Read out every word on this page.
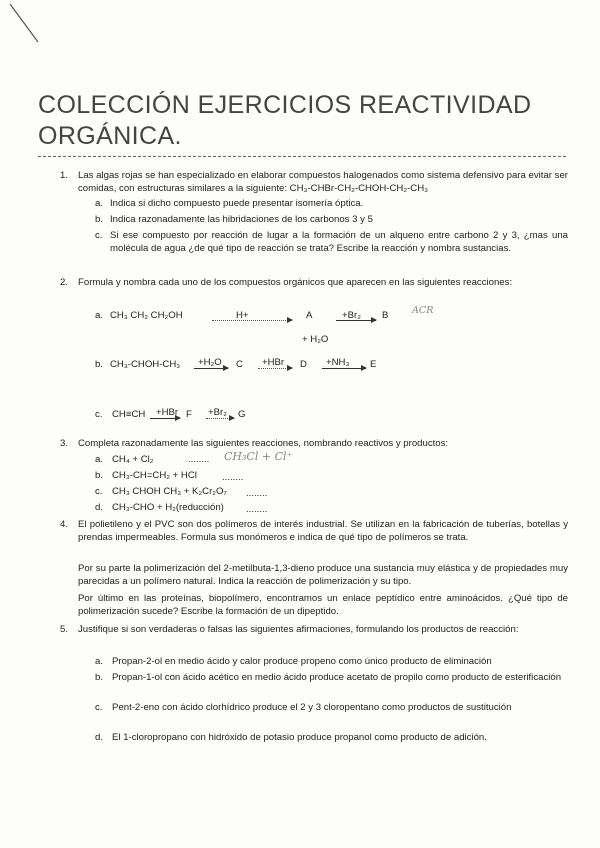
COLECCIÓN EJERCICIOS REACTIVIDAD
ORGÁNICA.
1.	Las algas rojas se han especializado en elaborar compuestos halogenados como sistema defensivo para evitar ser comidas, con estructuras similares a la siguiente: CH₃-CHBr-CH₂-CHOH-CH₂-CH₃
a. Indica si dicho compuesto puede presentar isomería óptica.
b. Indica razonadamente las hibridaciones de los carbonos 3 y 5
c. Si ese compuesto por reacción de lugar a la formación de un alqueno entre carbono 2 y 3, ¿mas una molécula de agua ¿de qué tipo de reacción se trata? Escribe la reacción y nombra sustancias.
2.	Formula y nombra cada uno de los compuestos orgánicos que aparecen en las siguientes reacciones:
a. CH₃ CH₂ CH₂OH	H+	A	+Br₂ B ACR
+ H₂O
b. CH₃-CHOH-CH₃ +H₂O C +HBr D +NH₃ E
c. CH≡CH +HBr F +Br₂ G
3.	Completa razonadamente las siguientes reacciones, nombrando reactivos y productos:
a. CH₄ + Cl₂	........ CH₃Cl + Cl⁺
b. CH₃-CH=CH₂ + HCl	........
c. CH₃ CHOH CH₃ + K₂Cr₂O₇ ........
d. CH₃-CHO + H₂(reducción) ........
4.	El polietileno y el PVC son dos polímeros de interés industrial. Se utilizan en la fabricación de tuberías, botellas y prendas impermeables. Formula sus monómeros e indica de qué tipo de polímeros se trata.
Por su parte la polimerización del 2-metilbuta-1,3-dieno produce una sustancia muy elástica y de propiedades muy parecidas a un polímero natural. Indica la reacción de polimerización y su tipo.
Por último en las proteínas, biopolímero, encontramos un enlace peptídico entre aminoácidos. ¿Qué tipo de polimerización sucede? Escribe la formación de un dipeptido.
5.	Justifique si son verdaderas o falsas las siguientes afirmaciones, formulando los productos de reacción:
a. Propan-2-ol en medio ácido y calor produce propeno como único producto de eliminación
b. Propan-1-ol con ácido acético en medio ácido produce acetato de propilo como producto de esterificación
c. Pent-2-eno con ácido clorhídrico produce el 2 y 3 cloropentano como productos de sustitución
d. El 1-cloropropano con hidróxido de potasio produce propanol como producto de adición.
